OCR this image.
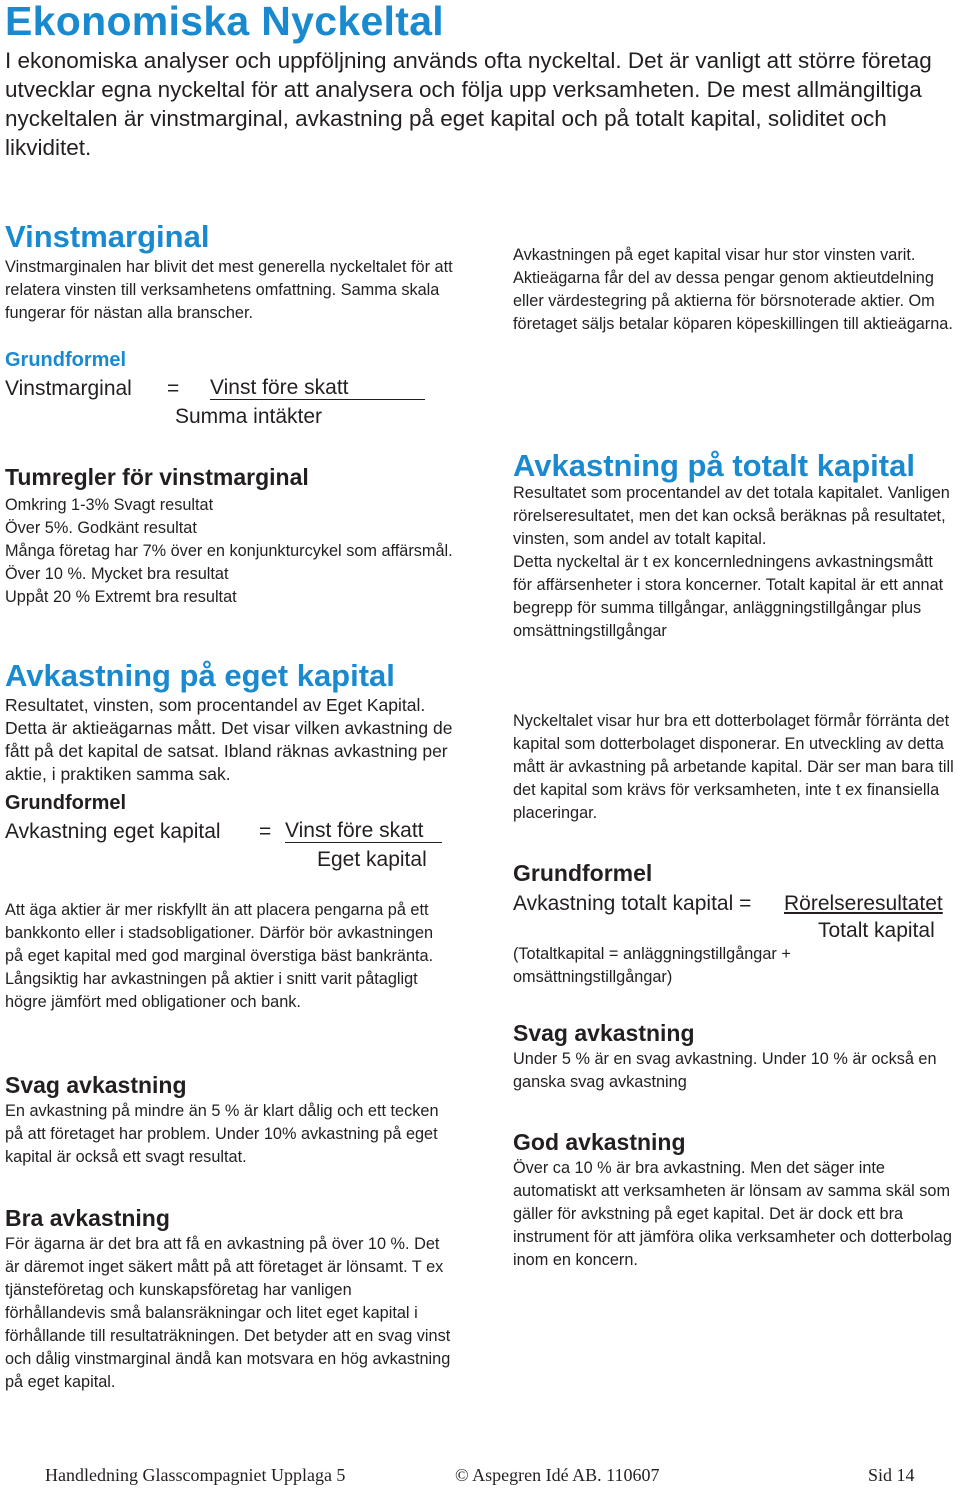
Ekonomiska Nyckeltal

I ekonomiska analyser och uppföljning används ofta nyckeltal. Det är vanligt att större företag utvecklar egna nyckeltal för att analysera och följa upp verksamheten. De mest allmängiltiga nyckeltalen är vinstmarginal, avkastning på eget kapital och på totalt kapital, soliditet och likviditet.

Vinstmarginal

Vinstmarginalen har blivit det mest generella nyckeltalet för att relatera vinsten till verksamhetens omfattning. Samma skala fungerar för nästan alla branscher.

Grundformel
Vinstmarginal = Vinst före skatt
Summa intäkter
Tumregler för vinstmarginal
Omkring 1-3% Svagt resultat
Över 5%. Godkänt resultat
Många företag har 7% över en konjunkturcykel som affärsmål.
Över 10 %. Mycket bra resultat
Uppåt 20 % Extremt bra resultat
Avkastning på eget kapital

Resultatet, vinsten, som procentandel av Eget Kapital. Detta är aktieägarnas mått. Det visar vilken avkastning de fått på det kapital de satsat. Ibland räknas avkastning per aktie, i praktiken samma sak.

Grundformel
Avkastning eget kapital = Vinst före skatt
Eget kapital

Att äga aktier är mer riskfyllt än att placera pengarna på ett bankkonto eller i stadsobligationer. Därför bör avkastningen på eget kapital med god marginal överstiga bäst bankränta. Långsiktig har avkastningen på aktier i snitt varit påtagligt högre jämfört med obligationer och bank.

Svag avkastning

En avkastning på mindre än 5 % är klart dålig och ett tecken på att företaget har problem. Under 10% avkastning på eget kapital är också ett svagt resultat.

Bra avkastning

För ägarna är det bra att få en avkastning på över 10 %. Det är däremot inget säkert mått på att företaget är lönsamt. T ex tjänsteföretag och kunskapsföretag har vanligen förhållandevis små balansräkningar och litet eget kapital i förhållande till resultaträkningen. Det betyder att en svag vinst och dålig vinstmarginal ändå kan motsvara en hög avkastning på eget kapital.

Avkastningen på eget kapital visar hur stor vinsten varit. Aktieägarna får del av dessa pengar genom aktieutdelning eller värdestegring på aktierna för börsnoterade aktier. Om företaget säljs betalar köparen köpeskillingen till aktieägarna.

Avkastning på totalt kapital

Resultatet som procentandel av det totala kapitalet. Vanligen rörelseresultatet, men det kan också beräknas på resultatet, vinsten, som andel av totalt kapital.
Detta nyckeltal är t ex koncernledningens avkastningsmått för affärsenheter i stora koncerner. Totalt kapital är ett annat begrepp för summa tillgångar, anläggningstillgångar plus omsättningstillgångar

Nyckeltalet visar hur bra ett dotterbolaget förmår förränta det kapital som dotterbolaget disponerar. En utveckling av detta mått är avkastning på arbetande kapital. Där ser man bara till det kapital som krävs för verksamheten, inte t ex finansiella placeringar.

Grundformel
Avkastning totalt kapital = Rörelseresultatet
Totalt kapital

(Totaltkapital = anläggningstillgångar + omsättningstillgångar)

Svag avkastning

Under 5 % är en svag avkastning. Under 10 % är också en ganska svag avkastning

God avkastning

Över ca 10 % är bra avkastning. Men det säger inte automatiskt att verksamheten är lönsam av samma skäl som gäller för avkstning på eget kapital. Det är dock ett bra instrument för att jämföra olika verksamheter och dotterbolag inom en koncern.

Handledning Glasscompagniet Upplaga 5	© Aspegren Idé AB. 110607	Sid 14
